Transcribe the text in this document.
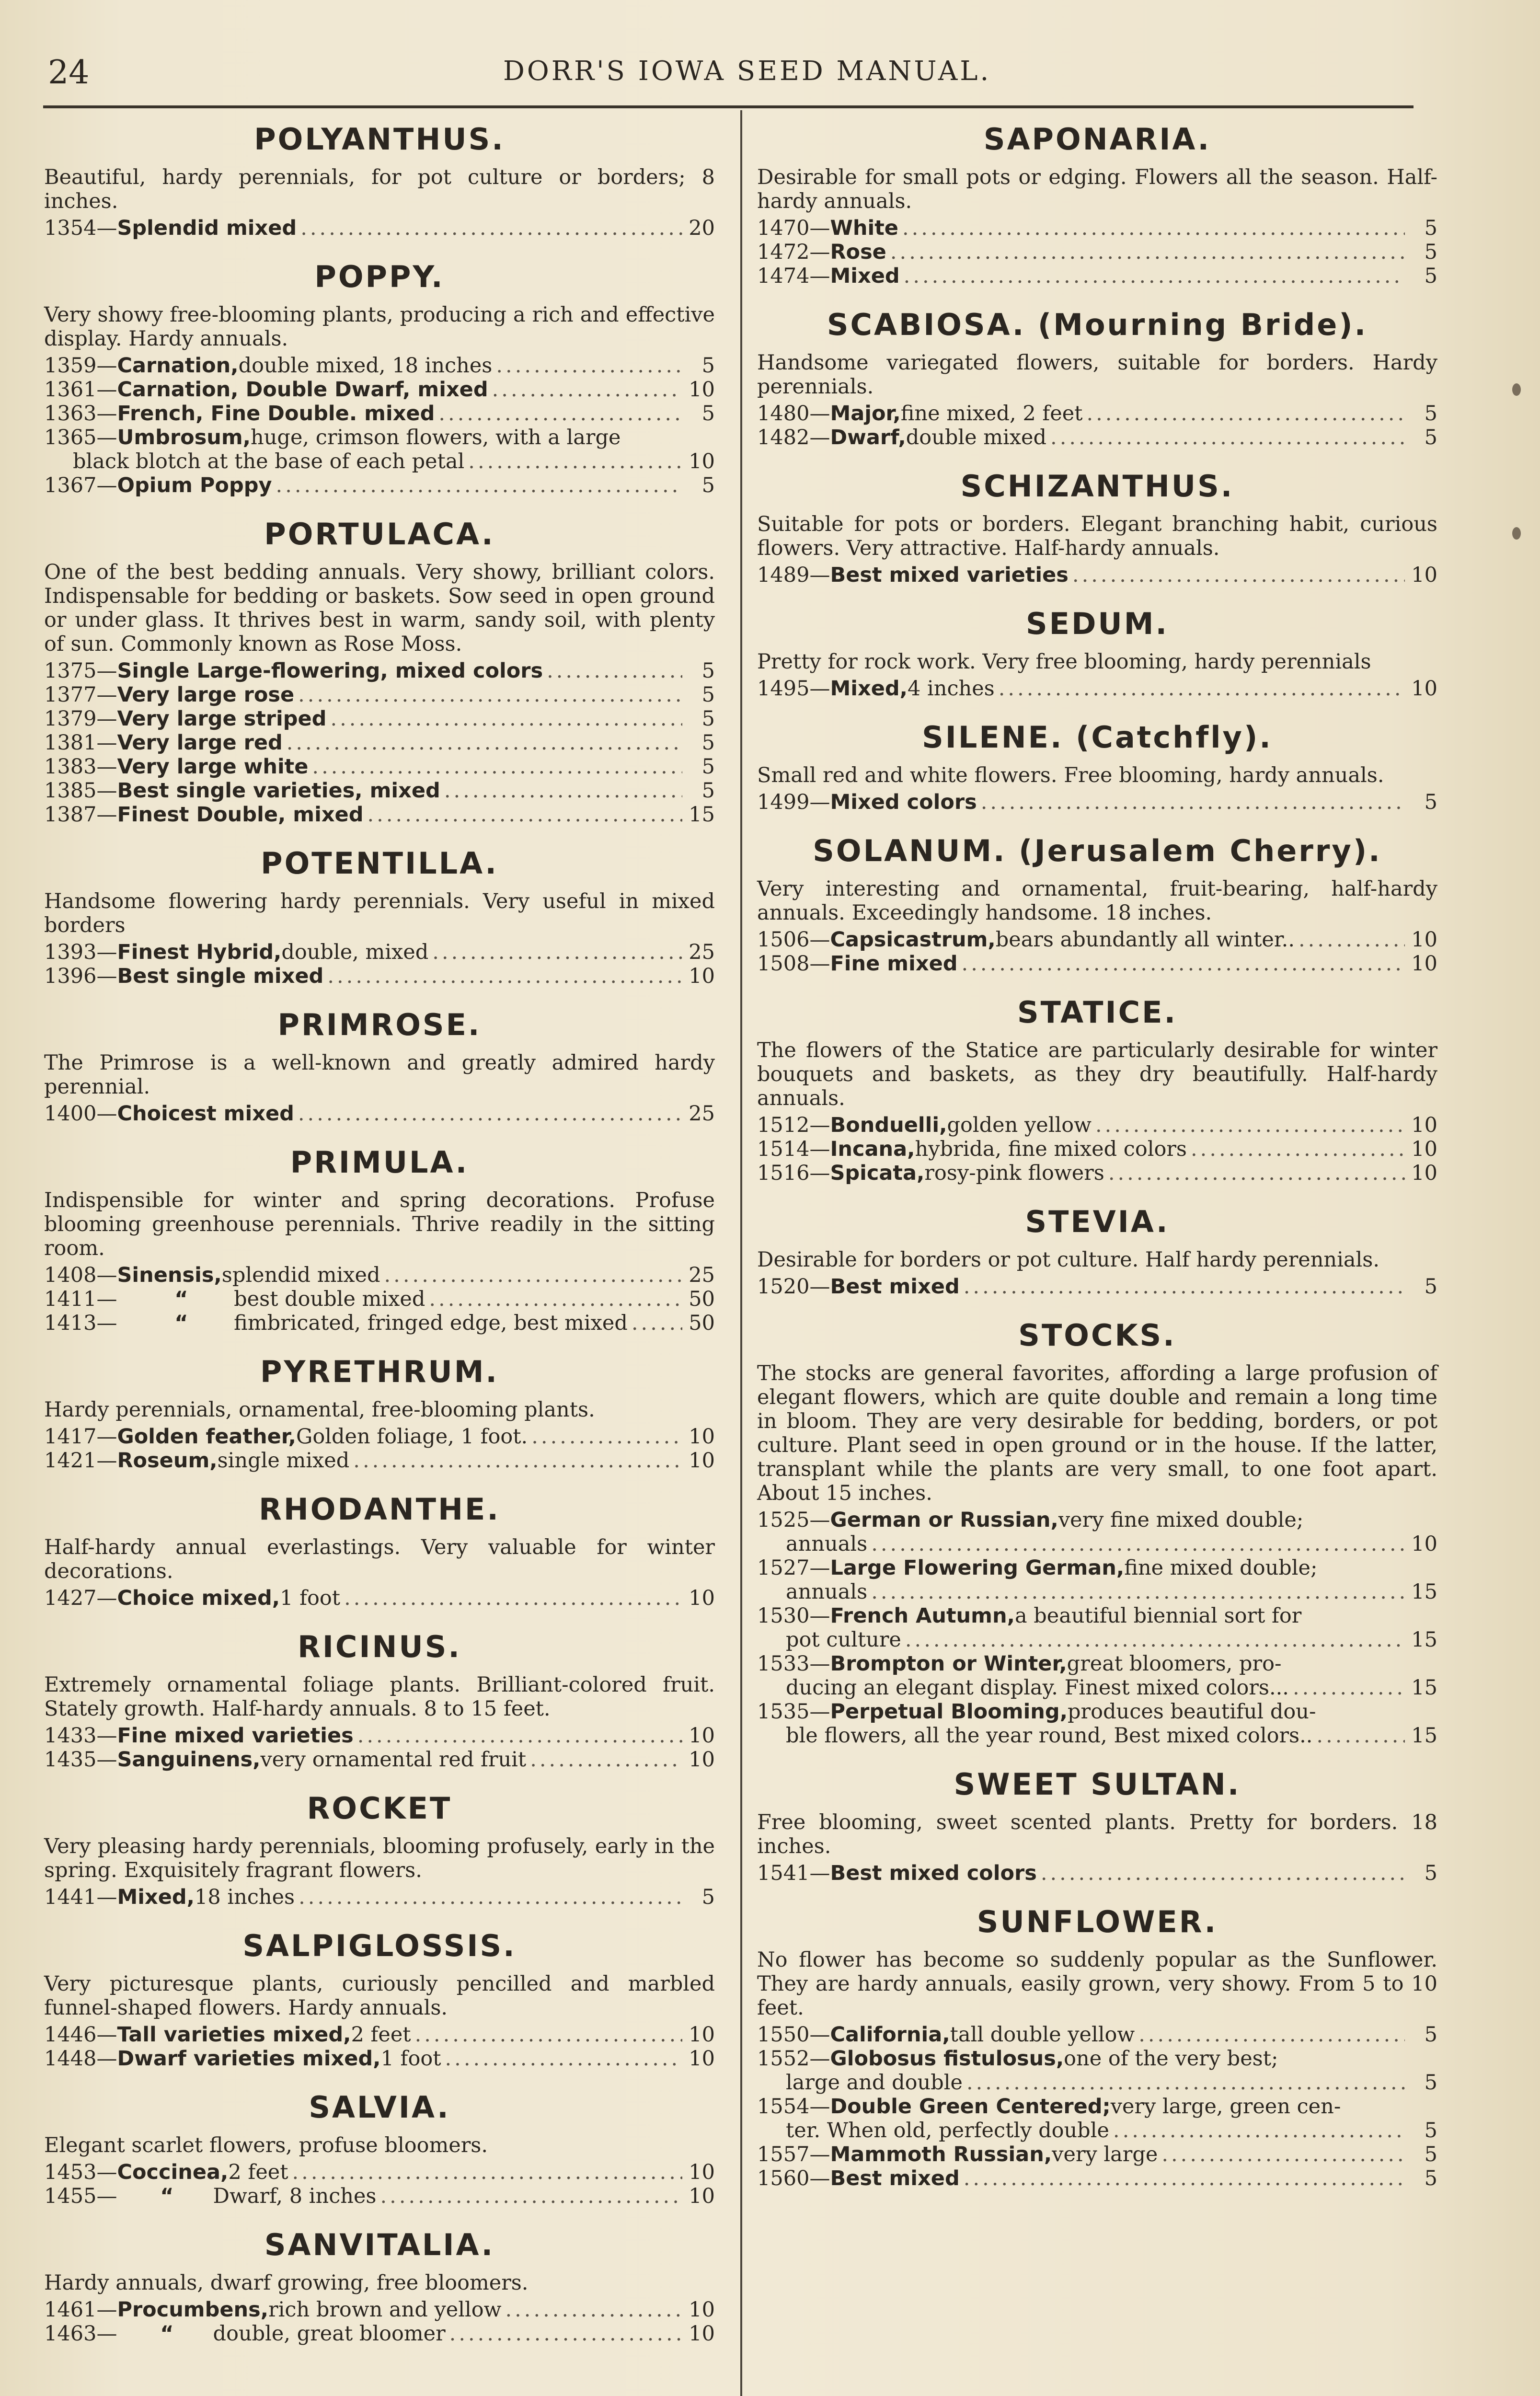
24	DORR'S IOWA SEED MANUAL.
POLYANTHUS.

Beautiful, hardy perennials, for pot culture or borders; 8 inches.

1354 — Splendid mixed .....	20
POPPY.

Very showy free-blooming plants, producing a rich and effective display. Hardy annuals.

1359 — Carnation, double mixed, 18 inches .....	5
1361 — Carnation, Double Dwarf, mixed .....	10
1363 — French, Fine Double. mixed .....	5
1365 — Umbrosum, huge, crimson flowers, with a large
black blotch at the base of each petal .....	10
1367 — Opium Poppy .....	5
PORTULACA.

One of the best bedding annuals. Very showy, brilliant colors. Indispensable for bedding or baskets. Sow seed in open ground or under glass. It thrives best in warm, sandy soil, with plenty of sun. Commonly known as Rose Moss.

1375 — Single Large-flowering, mixed colors .....	5
1377 — Very large rose .....	5
1379 — Very large striped .....	5
1381 — Very large red .....	5
1383 — Very large white .....	5
1385 — Best single varieties, mixed .....	5
1387 — Finest Double, mixed .....	15
POTENTILLA.

Handsome flowering hardy perennials. Very useful in mixed borders

1393 — Finest Hybrid, double, mixed .....	25
1396 — Best single mixed .....	10
PRIMROSE.

The Primrose is a well-known and greatly admired hardy perennial.

1400 — Choicest mixed .....	25
PRIMULA.

Indispensible for winter and spring decorations. Profuse blooming greenhouse perennials. Thrive readily in the sitting room.

1408 — Sinensis, splendid mixed .....	25
1411 — “ best double mixed .....	50
1413 — “ fimbricated, fringed edge, best mixed .....	50
PYRETHRUM.

Hardy perennials, ornamental, free-blooming plants.

1417 — Golden feather, Golden foliage, 1 foot. .....	10
1421 — Roseum, single mixed .....	10
RHODANTHE.

Half-hardy annual everlastings. Very valuable for winter decorations.

1427 — Choice mixed, 1 foot .....	10
RICINUS.

Extremely ornamental foliage plants. Brilliant-colored fruit. Stately growth. Half-hardy annuals. 8 to 15 feet.

1433 — Fine mixed varieties .....	10
1435 — Sanguinens, very ornamental red fruit .....	10
ROCKET

Very pleasing hardy perennials, blooming profusely, early in the spring. Exquisitely fragrant flowers.

1441 — Mixed, 18 inches .....	5
SALPIGLOSSIS.

Very picturesque plants, curiously pencilled and marbled funnel-shaped flowers. Hardy annuals.

1446 — Tall varieties mixed, 2 feet .....	10
1448 — Dwarf varieties mixed, 1 foot .....	10
SALVIA.

Elegant scarlet flowers, profuse bloomers.

1453 — Coccinea, 2 feet .....	10
1455 — “ Dwarf, 8 inches .....	10
SANVITALIA.

Hardy annuals, dwarf growing, free bloomers.

1461 — Procumbens, rich brown and yellow .....	10
1463 — “ double, great bloomer .....	10
SAPONARIA.

Desirable for small pots or edging. Flowers all the season. Half-hardy annuals.

1470 — White .....	5
1472 — Rose .....	5
1474 — Mixed .....	5
SCABIOSA. (Mourning Bride).

Handsome variegated flowers, suitable for borders. Hardy perennials.

1480 — Major, fine mixed, 2 feet .....	5
1482 — Dwarf, double mixed .....	5
SCHIZANTHUS.

Suitable for pots or borders. Elegant branching habit, curious flowers. Very attractive. Half-hardy annuals.

1489 — Best mixed varieties .....	10
SEDUM.

Pretty for rock work. Very free blooming, hardy perennials

1495 — Mixed, 4 inches .....	10
SILENE. (Catchfly).

Small red and white flowers. Free blooming, hardy annuals.

1499 — Mixed colors .....	5
SOLANUM. (Jerusalem Cherry).

Very interesting and ornamental, fruit-bearing, half-hardy annuals. Exceedingly handsome. 18 inches.

1506 — Capsicastrum, bears abundantly all winter.. .....	10
1508 — Fine mixed .....	10
STATICE.

The flowers of the Statice are particularly desirable for winter bouquets and baskets, as they dry beautifully. Half-hardy annuals.

1512 — Bonduelli, golden yellow .....	10
1514 — Incana, hybrida, fine mixed colors .....	10
1516 — Spicata, rosy-pink flowers .....	10
STEVIA.

Desirable for borders or pot culture. Half hardy perennials.

1520 — Best mixed .....	5
STOCKS.

The stocks are general favorites, affording a large profusion of elegant flowers, which are quite double and remain a long time in bloom. They are very desirable for bedding, borders, or pot culture. Plant seed in open ground or in the house. If the latter, transplant while the plants are very small, to one foot apart. About 15 inches.

1525 — German or Russian, very fine mixed double;
annuals .....	10
1527 — Large Flowering German, fine mixed double;
annuals .....	15
1530 — French Autumn, a beautiful biennial sort for
pot culture .....	15
1533 — Brompton or Winter, great bloomers, pro-
ducing an elegant display. Finest mixed colors... .....	15
1535 — Perpetual Blooming, produces beautiful dou-
ble flowers, all the year round, Best mixed colors.. .....	15
SWEET SULTAN.

Free blooming, sweet scented plants. Pretty for borders. 18 inches.

1541 — Best mixed colors .....	5
SUNFLOWER.

No flower has become so suddenly popular as the Sunflower. They are hardy annuals, easily grown, very showy. From 5 to 10 feet.

1550 — California, tall double yellow .....	5
1552 — Globosus fistulosus, one of the very best;
large and double .....	5
1554 — Double Green Centered; very large, green cen-
ter. When old, perfectly double .....	5
1557 — Mammoth Russian, very large .....	5
1560 — Best mixed .....	5
